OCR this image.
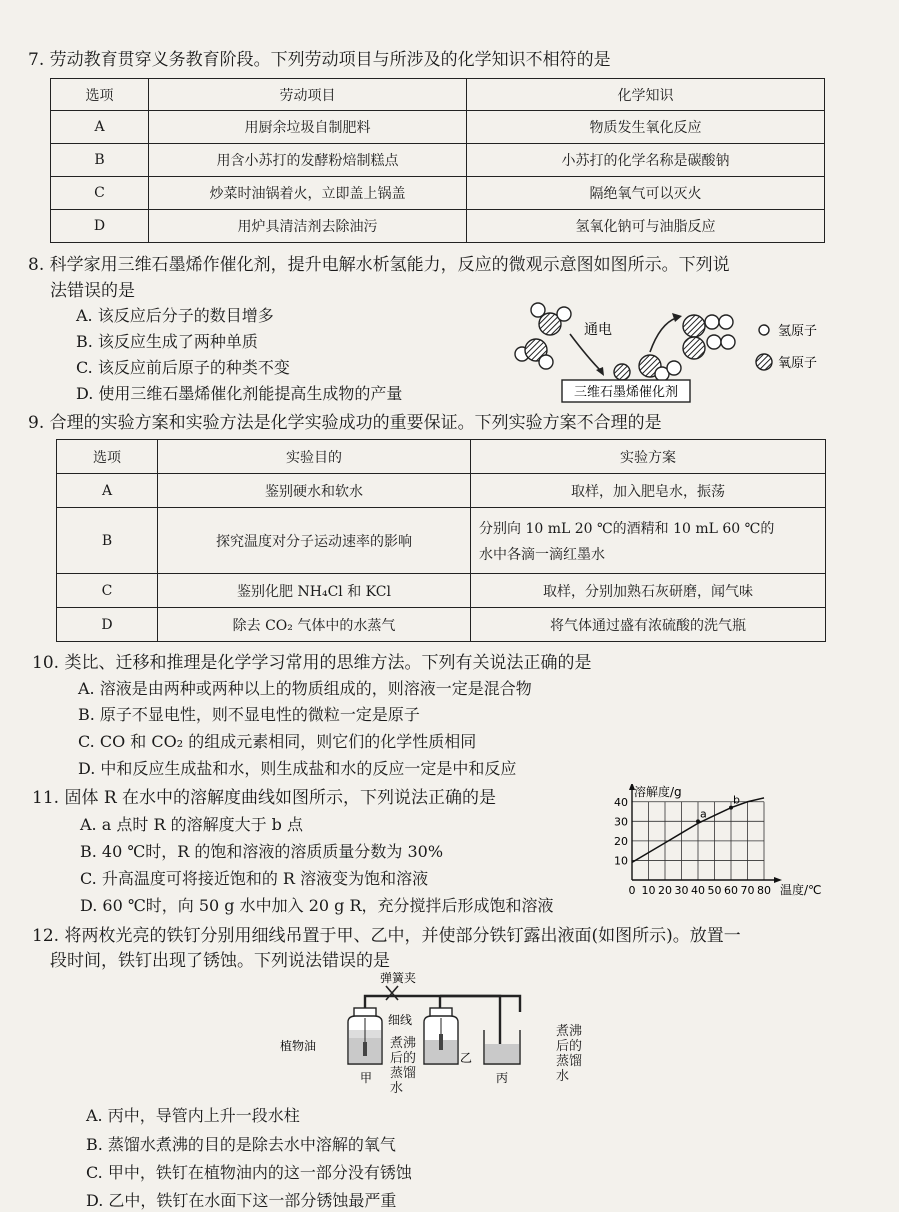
7. 劳动教育贯穿义务教育阶段。下列劳动项目与所涉及的化学知识不相符的是
选项	劳动项目	化学知识
A	用厨余垃圾自制肥料	物质发生氧化反应
B	用含小苏打的发酵粉焙制糕点	小苏打的化学名称是碳酸钠
C	炒菜时油锅着火，立即盖上锅盖	隔绝氧气可以灭火
D	用炉具清洁剂去除油污	氢氧化钠可与油脂反应
8. 科学家用三维石墨烯作催化剂，提升电解水析氢能力，反应的微观示意图如图所示。下列说
法错误的是
A. 该反应后分子的数目增多
B. 该反应生成了两种单质
C. 该反应前后原子的种类不变
D. 使用三维石墨烯催化剂能提高生成物的产量
通电
三维石墨烯催化剂
氢原子
氧原子
9. 合理的实验方案和实验方法是化学实验成功的重要保证。下列实验方案不合理的是
选项	实验目的	实验方案
A	鉴别硬水和软水	取样，加入肥皂水，振荡
B	探究温度对分子运动速率的影响	分别向 10 mL 20 ℃的酒精和 10 mL 60 ℃的
水中各滴一滴红墨水

C	鉴别化肥 NH₄Cl 和 KCl	取样，分别加熟石灰研磨，闻气味
D	除去 CO₂ 气体中的水蒸气	将气体通过盛有浓硫酸的洗气瓶
10. 类比、迁移和推理是化学学习常用的思维方法。下列有关说法正确的是
A. 溶液是由两种或两种以上的物质组成的，则溶液一定是混合物
B. 原子不显电性，则不显电性的微粒一定是原子
C. CO 和 CO₂ 的组成元素相同，则它们的化学性质相同
D. 中和反应生成盐和水，则生成盐和水的反应一定是中和反应
11. 固体 R 在水中的溶解度曲线如图所示，下列说法正确的是
A. a 点时 R 的溶解度大于 b 点
B. 40 ℃时，R 的饱和溶液的溶质质量分数为 30%
C. 升高温度可将接近饱和的 R 溶液变为饱和溶液
D. 60 ℃时，向 50 g 水中加入 20 g R，充分搅拌后形成饱和溶液
溶解度/g
温度/℃
0 10 20 30 40 50 60 70 80
10
20
30
40
a
b
12. 将两枚光亮的铁钉分别用细线吊置于甲、乙中，并使部分铁钉露出液面(如图所示)。放置一
段时间，铁钉出现了锈蚀。下列说法错误的是
弹簧夹
细线
植物油
甲
乙
丙
煮沸后的蒸馏水
煮沸后的蒸馏水
A. 丙中，导管内上升一段水柱
B. 蒸馏水煮沸的目的是除去水中溶解的氧气
C. 甲中，铁钉在植物油内的这一部分没有锈蚀
D. 乙中，铁钉在水面下这一部分锈蚀最严重
